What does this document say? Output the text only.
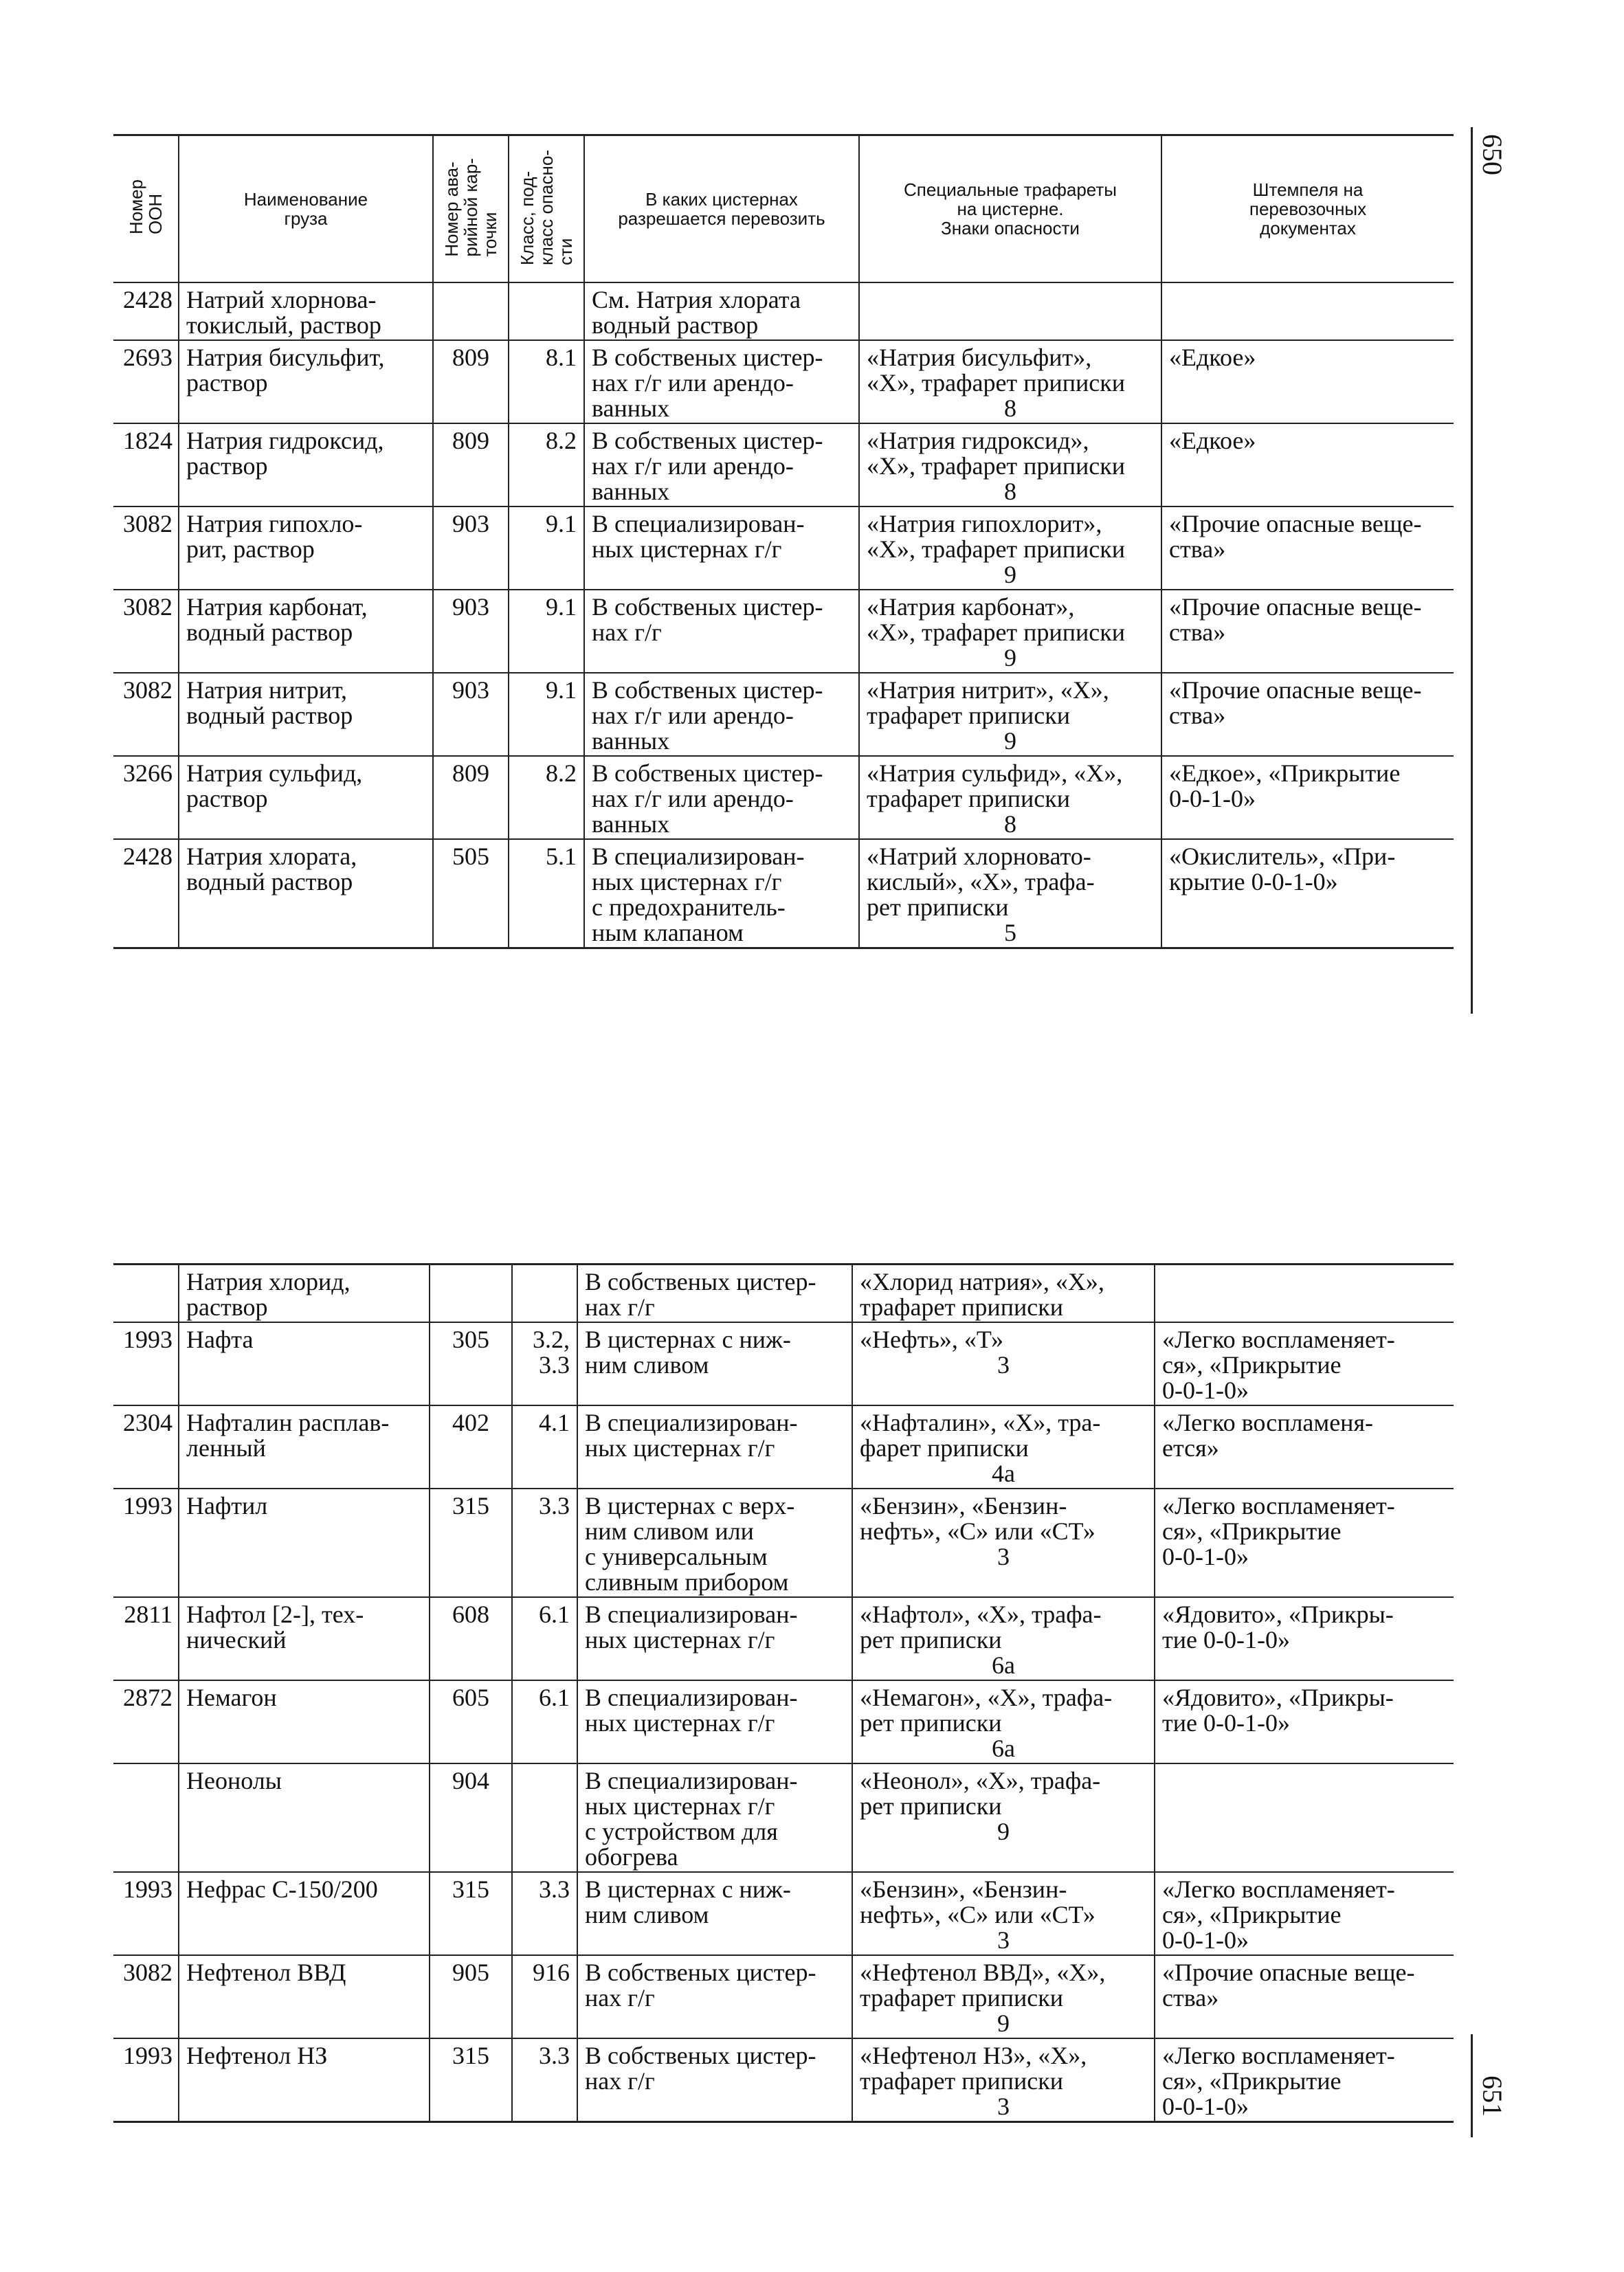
650
651
Номер
ООН	Наименование
груза	Номер ава-
рийной кар-
точки	Класс, под-
класс опасно-
сти	В каких цистернах
разрешается перевозить	Специальные трафареты
на цистерне.
Знаки опасности	Штемпеля на
перевозочных
документах
2428	Натрий хлорнова-
токислый, раствор			См. Натрия хлората
водный раствор	

2693	Натрия бисульфит,
раствор	809	8.1	В собственых цистер-
нах г/г или арендо-
ванных	«Натрия бисульфит»,
«Х», трафарет приписки
8	«Едкое»
1824	Натрия гидроксид,
раствор	809	8.2	В собственых цистер-
нах г/г или арендо-
ванных	«Натрия гидроксид»,
«Х», трафарет приписки
8	«Едкое»
3082	Натрия гипохло-
рит, раствор	903	9.1	В специализирован-
ных цистернах г/г	«Натрия гипохлорит»,
«Х», трафарет приписки
9	«Прочие опасные веще-
ства»
3082	Натрия карбонат,
водный раствор	903	9.1	В собственых цистер-
нах г/г	«Натрия карбонат»,
«Х», трафарет приписки
9	«Прочие опасные веще-
ства»
3082	Натрия нитрит,
водный раствор	903	9.1	В собственых цистер-
нах г/г или арендо-
ванных	«Натрия нитрит», «Х»,
трафарет приписки
9	«Прочие опасные веще-
ства»
3266	Натрия сульфид,
раствор	809	8.2	В собственых цистер-
нах г/г или арендо-
ванных	«Натрия сульфид», «Х»,
трафарет приписки
8	«Едкое», «Прикрытие
0-0-1-0»
2428	Натрия хлората,
водный раствор	505	5.1	В специализирован-
ных цистернах г/г
с предохранитель-
ным клапаном	«Натрий хлорновато-
кислый», «Х», трафа-
рет приписки
5	«Окислитель», «При-
крытие 0-0-1-0»
	Натрия хлорид,
раствор			В собственых цистер-
нах г/г	«Хлорид натрия», «Х»,
трафарет приписки

1993	Нафта	305	3.2,
3.3	В цистернах с ниж-
ним сливом	«Нефть», «Т»
3	«Легко воспламеняет-
ся», «Прикрытие
0-0-1-0»
2304	Нафталин расплав-
ленный	402	4.1	В специализирован-
ных цистернах г/г	«Нафталин», «Х», тра-
фарет приписки
4а	«Легко воспламеня-
ется»
1993	Нафтил	315	3.3	В цистернах с верх-
ним сливом или
с универсальным
сливным прибором	«Бензин», «Бензин-
нефть», «С» или «СТ»
3	«Легко воспламеняет-
ся», «Прикрытие
0-0-1-0»
2811	Нафтол [2-], тех-
нический	608	6.1	В специализирован-
ных цистернах г/г	«Нафтол», «Х», трафа-
рет приписки
6а	«Ядовито», «Прикры-
тие 0-0-1-0»
2872	Немагон	605	6.1	В специализирован-
ных цистернах г/г	«Немагон», «Х», трафа-
рет приписки
6а	«Ядовито», «Прикры-
тие 0-0-1-0»
	Неонолы	904		В специализирован-
ных цистернах г/г
с устройством для
обогрева	«Неонол», «Х», трафа-
рет приписки
9	

1993	Нефрас С-150/200	315	3.3	В цистернах с ниж-
ним сливом	«Бензин», «Бензин-
нефть», «С» или «СТ»
3	«Легко воспламеняет-
ся», «Прикрытие
0-0-1-0»
3082	Нефтенол ВВД	905	916	В собственых цистер-
нах г/г	«Нефтенол ВВД», «Х»,
трафарет приписки
9	«Прочие опасные веще-
ства»
1993	Нефтенол НЗ	315	3.3	В собственых цистер-
нах г/г	«Нефтенол НЗ», «Х»,
трафарет приписки
3	«Легко воспламеняет-
ся», «Прикрытие
0-0-1-0»
